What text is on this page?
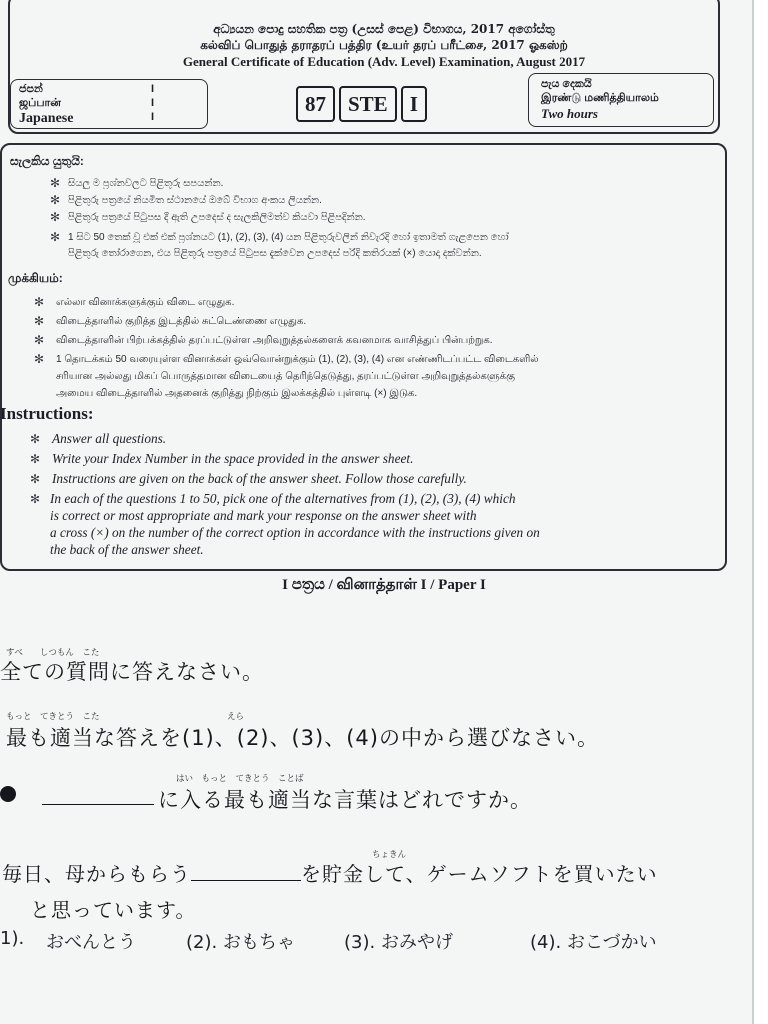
අධ්‍යයන පොදු සහතික පත්‍ර (උසස් පෙළ) විභාගය, 2017 අගෝස්තු
கல்விப் பொதுத் தராதரப் பத்திர (உயர் தரப் பரீட்சை, 2017 ஓகஸ்ற்
General Certificate of Education (Adv. Level) Examination, August 2017
ජපන්
ஜப்பான்
Japanese
I
I
I
87	STE	I
පැය දෙකයි
இரண்டு மணித்தியாலம்
Two hours
සැලකිය යුතුයි:
✻ සියලු ම ප්‍රශ්නවලට පිළිතුරු සපයන්න.
✻ පිළිතුරු පත්‍රයේ නියමිත ස්ථානයේ ඔබේ විභාග අංකය ලියන්න.
✻ පිළිතුරු පත්‍රයේ පිටුපස දී ඇති උපදෙස් ද සැලකිලිමත්ව කියවා පිළිපදින්න.
✻ 1 සිට 50 තෙක් වූ එක් එක් ප්‍රශ්නයට (1), (2), (3), (4) යන පිළිතුරුවලින් නිවැරදි හෝ ඉතාමත් ගැළපෙන හෝ
පිළිතුරු තෝරාගෙන, එය පිළිතුරු පත්‍රයේ පිටුපස දැක්වෙන උපදෙස් පරිදි කතිරයක් (×) යොදා දක්වන්න.
முக்கியம்:
✻ எல்லா வினாக்களுக்கும் விடை எழுதுக.
✻ விடைத்தாளில் குறித்த இடத்தில் சுட்டெண்ணை எழுதுக.
✻ விடைத்தாளின் பிற்பக்கத்தில் தரப்பட்டுள்ள அறிவுறுத்தல்களைக் கவனமாக வாசித்துப் பின்பற்றுக.
✻ 1 தொடக்கம் 50 வரையுள்ள வினாக்கள் ஒவ்வொன்றுக்கும் (1), (2), (3), (4) என எண்ணிடப்பட்ட விடைகளில்
சரியான அல்லது மிகப் பொருத்தமான விடையைத் தெரிந்தெடுத்து, தரப்பட்டுள்ள அறிவுறுத்தல்களுக்கு
அமைய விடைத்தாளில் அதனைக் குறித்து நிற்கும் இலக்கத்தில் புள்ளடி (×) இடுக.
Instructions:
✻ Answer all questions.
✻ Write your Index Number in the space provided in the answer sheet.
✻ Instructions are given on the back of the answer sheet. Follow those carefully.
✻ In each of the questions 1 to 50, pick one of the alternatives from (1), (2), (3), (4) which
is correct or most appropriate and mark your response on the answer sheet with
a cross (×) on the number of the correct option in accordance with the instructions given on
the back of the answer sheet.
I පත්‍රය / வினாத்தாள் I / Paper I
すべ　　しつもん　こた
全ての質問に答えなさい。
もっと　てきとう　こた　　　　　　　　　　　　　　　えら
最も適当な答えを(1)、(2)、(3)、(4)の中から選びなさい。
はい　もっと　てきとう　ことば
に入る最も適当な言葉はどれですか。
毎日、母からもらう	を貯金して、ゲームソフトを買いたい
ちょきん
と思っています。
1). おべんとう	(2). おもちゃ	(3). おみやげ	(4). おこづかい
